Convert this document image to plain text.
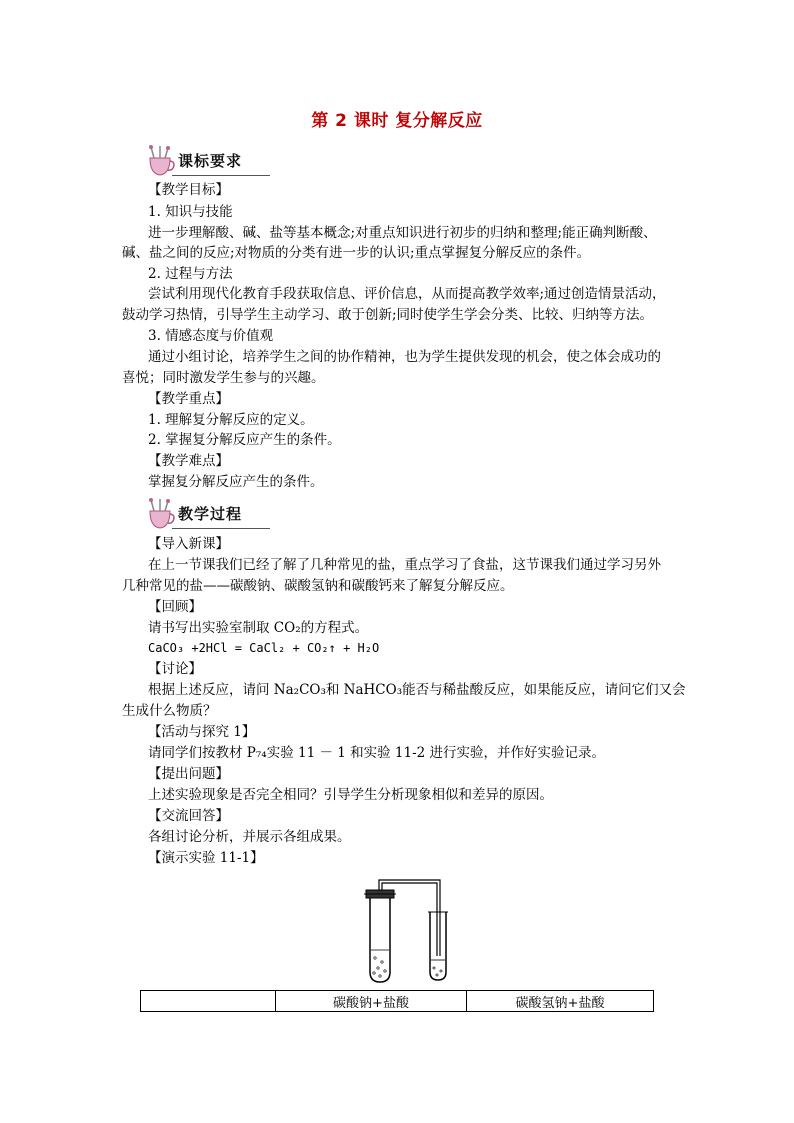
第 2 课时 复分解反应
课标要求
【教学目标】
1. 知识与技能
进一步理解酸、碱、盐等基本概念;对重点知识进行初步的归纳和整理;能正确判断酸、
碱、盐之间的反应;对物质的分类有进一步的认识;重点掌握复分解反应的条件。
2. 过程与方法
尝试利用现代化教育手段获取信息、评价信息，从而提高教学效率;通过创造情景活动，
鼓动学习热情，引导学生主动学习、敢于创新;同时使学生学会分类、比较、归纳等方法。
3. 情感态度与价值观
通过小组讨论，培养学生之间的协作精神，也为学生提供发现的机会，使之体会成功的
喜悦；同时激发学生参与的兴趣。
【教学重点】
1. 理解复分解反应的定义。
2. 掌握复分解反应产生的条件。
【教学难点】
掌握复分解反应产生的条件。
教学过程
【导入新课】
在上一节课我们已经了解了几种常见的盐，重点学习了食盐，这节课我们通过学习另外
几种常见的盐——碳酸钠、碳酸氢钠和碳酸钙来了解复分解反应。
【回顾】
请书写出实验室制取 CO₂的方程式。
CaCO₃ +2HCl = CaCl₂ + CO₂↑ + H₂O
【讨论】
根据上述反应，请问 Na₂CO₃和 NaHCO₃能否与稀盐酸反应，如果能反应，请问它们又会
生成什么物质？
【活动与探究 1】
请同学们按教材 P₇₄实验 11 － 1 和实验 11-2 进行实验，并作好实验记录。
【提出问题】
上述实验现象是否完全相同？引导学生分析现象相似和差异的原因。
【交流回答】
各组讨论分析，并展示各组成果。
【演示实验 11-1】
	碳酸钠+盐酸	碳酸氢钠+盐酸
